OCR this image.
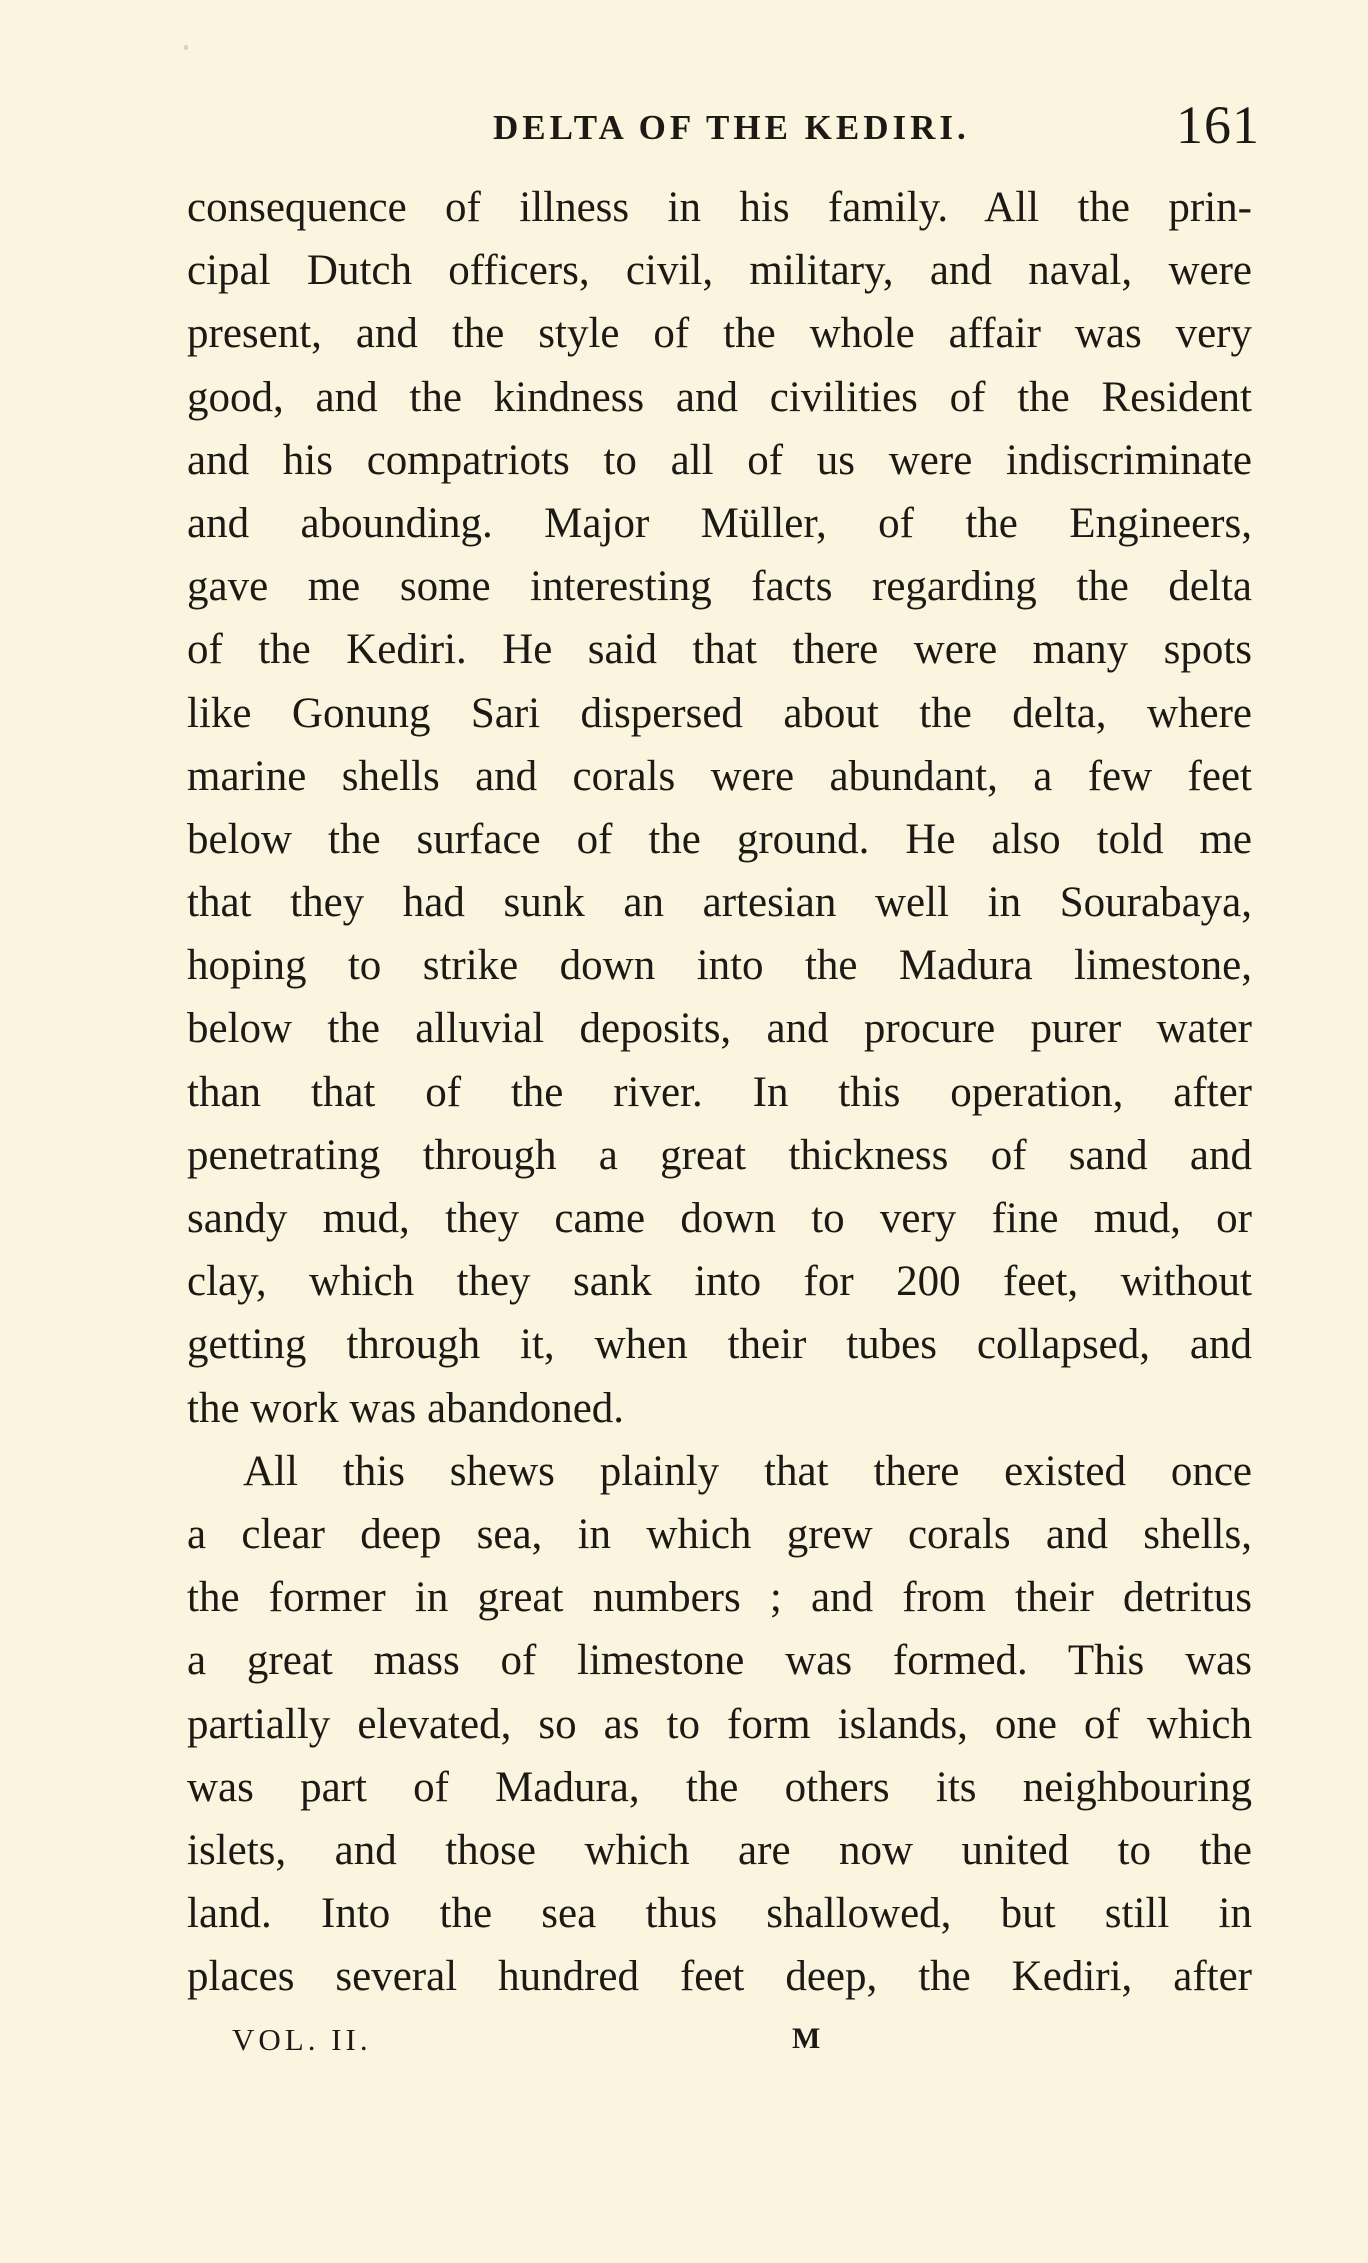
DELTA OF THE KEDIRI.	161
consequence of illness in his family. All the prin-
cipal Dutch officers, civil, military, and naval, were
present, and the style of the whole affair was very
good, and the kindness and civilities of the Resident
and his compatriots to all of us were indiscriminate
and abounding. Major Müller, of the Engineers,
gave me some interesting facts regarding the delta
of the Kediri. He said that there were many spots
like Gonung Sari dispersed about the delta, where
marine shells and corals were abundant, a few feet
below the surface of the ground. He also told me
that they had sunk an artesian well in Sourabaya,
hoping to strike down into the Madura limestone,
below the alluvial deposits, and procure purer water
than that of the river. In this operation, after
penetrating through a great thickness of sand and
sandy mud, they came down to very fine mud, or
clay, which they sank into for 200 feet, without
getting through it, when their tubes collapsed, and
the work was abandoned.
All this shews plainly that there existed once
a clear deep sea, in which grew corals and shells,
the former in great numbers ; and from their detritus
a great mass of limestone was formed. This was
partially elevated, so as to form islands, one of which
was part of Madura, the others its neighbouring
islets, and those which are now united to the
land. Into the sea thus shallowed, but still in
places several hundred feet deep, the Kediri, after
VOL. II.	M
